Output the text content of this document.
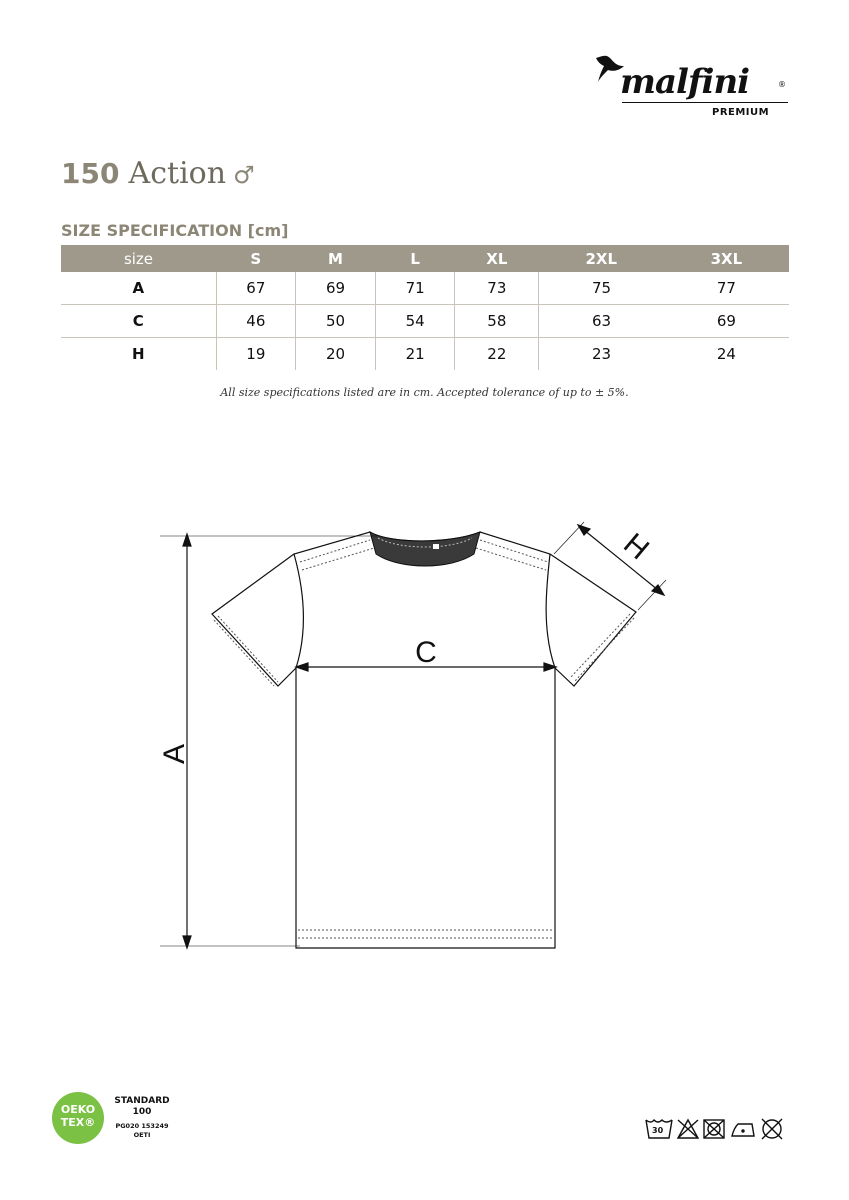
malfini	®
PREMIUM
150 Action ♂
SIZE SPECIFICATION [cm]
size	S	M	L	XL	2XL	3XL	
A	67	69	71	73	75	77	
C	46	50	54	58	63	69	
H	19	20	21	22	23	24	
All size specifications listed are in cm. Accepted tolerance of up to ± 5%.
A
C
H
OEKO
TEX®
STANDARD
100
PG020 153249
OETI	30
